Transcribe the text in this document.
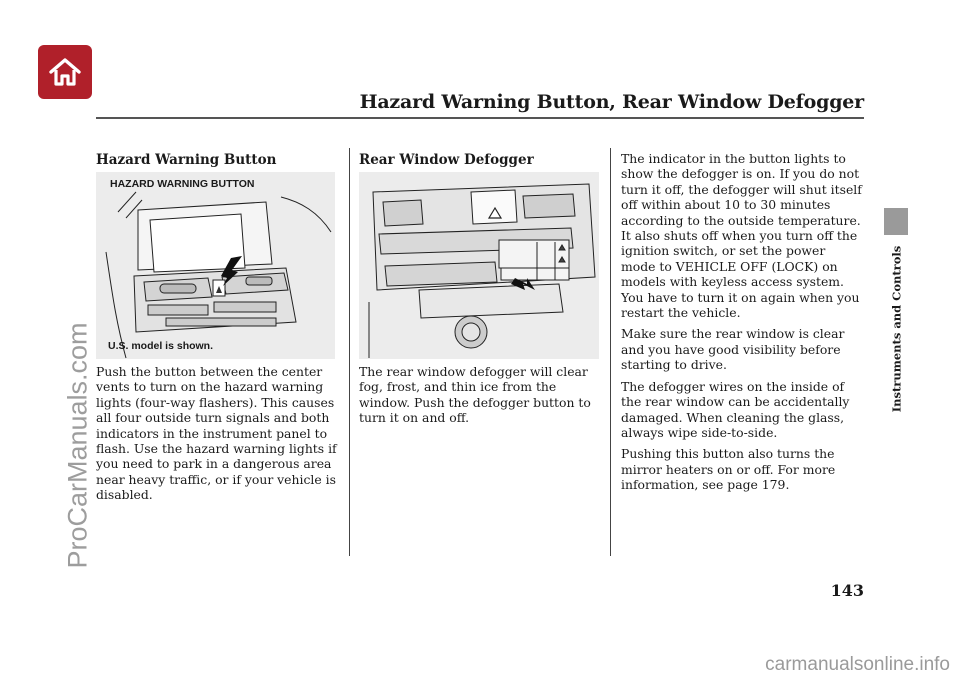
Hazard Warning Button, Rear Window Defogger
Instruments and Controls
Hazard Warning Button
HAZARD WARNING BUTTON
U.S. model is shown.

Push the button between the center vents to turn on the hazard warning lights (four-way flashers). This causes all four outside turn signals and both indicators in the instrument panel to flash. Use the hazard warning lights if you need to park in a dangerous area near heavy traffic, or if your vehicle is disabled.

Rear Window Defogger

The rear window defogger will clear fog, frost, and thin ice from the window. Push the defogger button to turn it on and off.

The indicator in the button lights to show the defogger is on. If you do not turn it off, the defogger will shut itself off within about 10 to 30 minutes according to the outside temperature. It also shuts off when you turn off the ignition switch, or set the power mode to VEHICLE OFF (LOCK) on models with keyless access system. You have to turn it on again when you restart the vehicle.

Make sure the rear window is clear and you have good visibility before starting to drive.

The defogger wires on the inside of the rear window can be accidentally damaged. When cleaning the glass, always wipe side-to-side.

Pushing this button also turns the mirror heaters on or off. For more information, see page 179.

143
ProCarManuals.com
carmanualsonline.info
